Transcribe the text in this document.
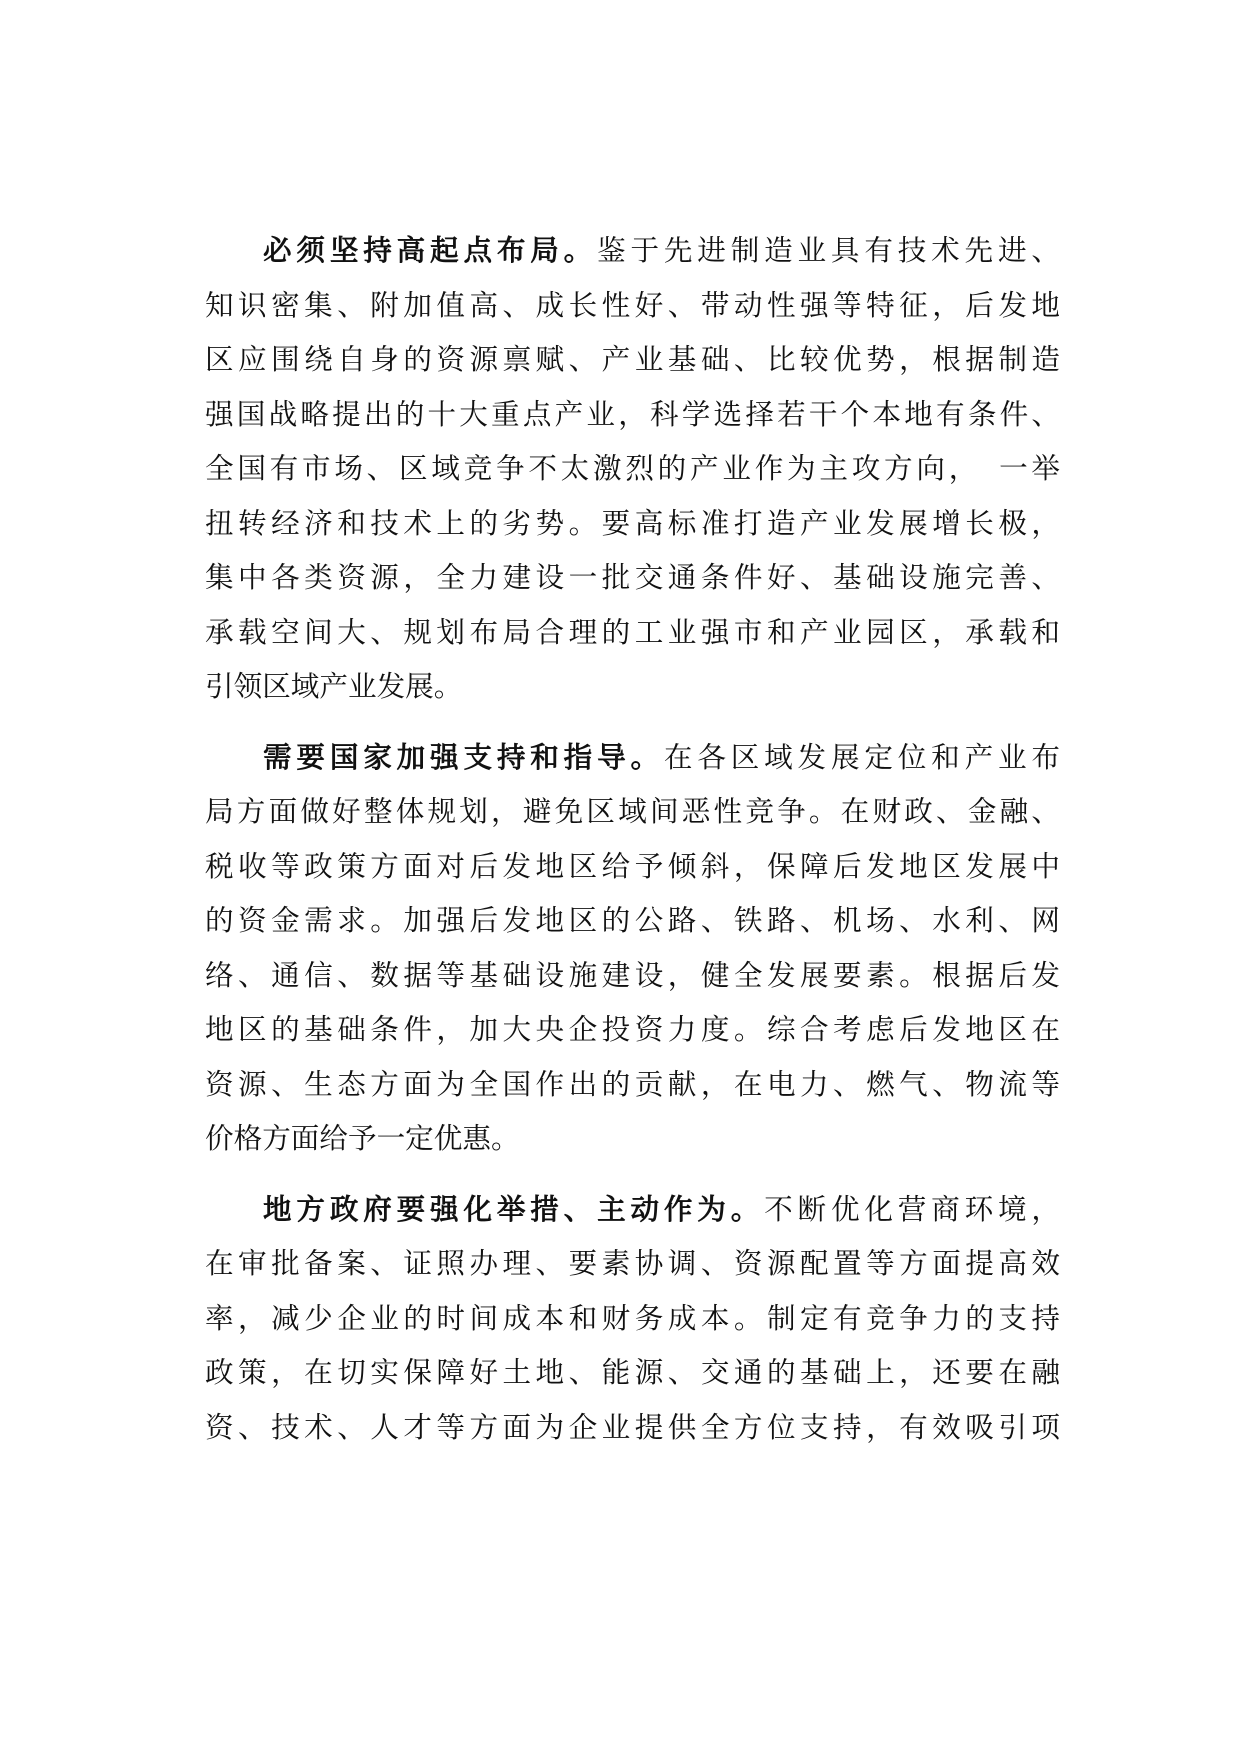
必须坚持高起点布局。鉴于先进制造业具有技术先进、
知识密集、附加值高、成长性好、带动性强等特征，后发地
区应围绕自身的资源禀赋、产业基础、比较优势，根据制造
强国战略提出的十大重点产业，科学选择若干个本地有条件、
全国有市场、区域竞争不太激烈的产业作为主攻方向，　一举
扭转经济和技术上的劣势。要高标准打造产业发展增长极，
集中各类资源，全力建设一批交通条件好、基础设施完善、
承载空间大、规划布局合理的工业强市和产业园区，承载和
引领区域产业发展。
需要国家加强支持和指导。在各区域发展定位和产业布
局方面做好整体规划，避免区域间恶性竞争。在财政、金融、
税收等政策方面对后发地区给予倾斜，保障后发地区发展中
的资金需求。加强后发地区的公路、铁路、机场、水利、网
络、通信、数据等基础设施建设，健全发展要素。根据后发
地区的基础条件，加大央企投资力度。综合考虑后发地区在
资源、生态方面为全国作出的贡献，在电力、燃气、物流等
价格方面给予一定优惠。
地方政府要强化举措、主动作为。不断优化营商环境，
在审批备案、证照办理、要素协调、资源配置等方面提高效
率，减少企业的时间成本和财务成本。制定有竞争力的支持
政策，在切实保障好土地、能源、交通的基础上，还要在融
资、技术、人才等方面为企业提供全方位支持，有效吸引项
